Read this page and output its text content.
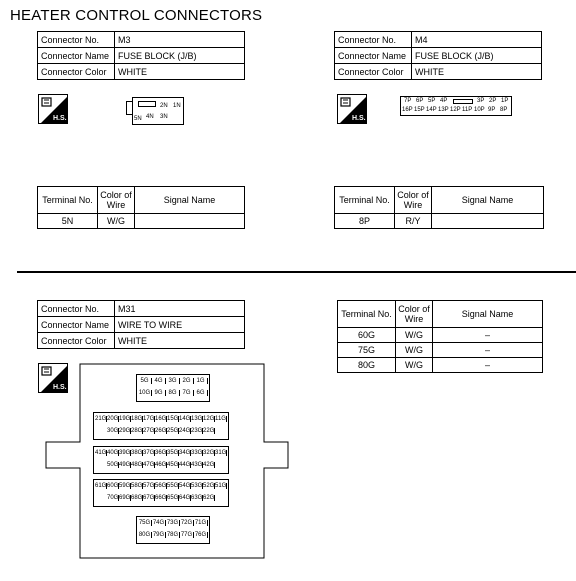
HEATER CONTROL CONNECTORS
Connector No.	M3
Connector Name	FUSE BLOCK (J/B)
Connector Color	WHITE
H.S.
2N 1N
5N 4N 3N
Terminal No.	Color of Wire	Signal Name
5N	W/G	
Connector No.	M4
Connector Name	FUSE BLOCK (J/B)
Connector Color	WHITE
H.S.
7P 6P 5P 4P	3P 2P 1P
16P 15P 14P 13P 12P 11P 10P 9P 8P
Terminal No.	Color of Wire	Signal Name
8P	R/Y	
Connector No.	M31
Connector Name	WIRE TO WIRE
Connector Color	WHITE
Terminal No.	Color of Wire	Signal Name
60G	W/G	–
75G	W/G	–
80G	W/G	–
H.S.
5G 4G 3G 2G 1G
10G 9G 8G 7G 6G
21G 20G 19G 18G 17G 16G 15G 14G 13G 12G 11G
30G 29G 28G 27G 26G 25G 24G 23G 22G
41G 40G 39G 38G 37G 36G 35G 34G 33G 32G 31G
50G 49G 48G 47G 46G 45G 44G 43G 42G
61G 60G 59G 58G 57G 56G 55G 54G 53G 52G 51G
70G 69G 68G 67G 66G 65G 64G 63G 62G
75G 74G 73G 72G 71G
80G 79G 78G 77G 76G
